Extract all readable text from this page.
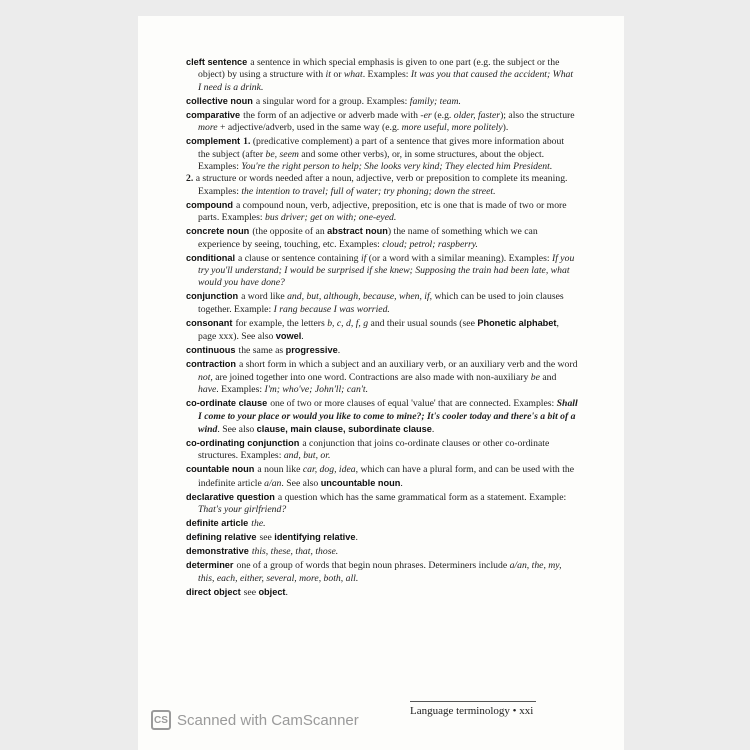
cleft sentence a sentence in which special emphasis is given to one part (e.g. the subject or the object) by using a structure with it or what. Examples: It was you that caused the accident; What I need is a drink.
collective noun a singular word for a group. Examples: family; team.
comparative the form of an adjective or adverb made with -er (e.g. older, faster); also the structure more + adjective/adverb, used in the same way (e.g. more useful, more politely).
complement 1. (predicative complement) a part of a sentence that gives more information about the subject (after be, seem and some other verbs), or, in some structures, about the object. Examples: You're the right person to help; She looks very kind; They elected him President.
2. a structure or words needed after a noun, adjective, verb or preposition to complete its meaning. Examples: the intention to travel; full of water; try phoning; down the street.
compound a compound noun, verb, adjective, preposition, etc is one that is made of two or more parts. Examples: bus driver; get on with; one-eyed.
concrete noun (the opposite of an abstract noun) the name of something which we can experience by seeing, touching, etc. Examples: cloud; petrol; raspberry.
conditional a clause or sentence containing if (or a word with a similar meaning). Examples: If you try you'll understand; I would be surprised if she knew; Supposing the train had been late, what would you have done?
conjunction a word like and, but, although, because, when, if, which can be used to join clauses together. Example: I rang because I was worried.
consonant for example, the letters b, c, d, f, g and their usual sounds (see Phonetic alphabet, page xxx). See also vowel.
continuous the same as progressive.
contraction a short form in which a subject and an auxiliary verb, or an auxiliary verb and the word not, are joined together into one word. Contractions are also made with non-auxiliary be and have. Examples: I'm; who've; John'll; can't.
co-ordinate clause one of two or more clauses of equal 'value' that are connected. Examples: Shall I come to your place or would you like to come to mine?; It's cooler today and there's a bit of a wind. See also clause, main clause, subordinate clause.
co-ordinating conjunction a conjunction that joins co-ordinate clauses or other co-ordinate structures. Examples: and, but, or.
countable noun a noun like car, dog, idea, which can have a plural form, and can be used with the indefinite article a/an. See also uncountable noun.
declarative question a question which has the same grammatical form as a statement. Example: That's your girlfriend?
definite article the.
defining relative see identifying relative.
demonstrative this, these, that, those.
determiner one of a group of words that begin noun phrases. Determiners include a/an, the, my, this, each, either, several, more, both, all.
direct object see object.
Language terminology • xxi
CS Scanned with CamScanner
